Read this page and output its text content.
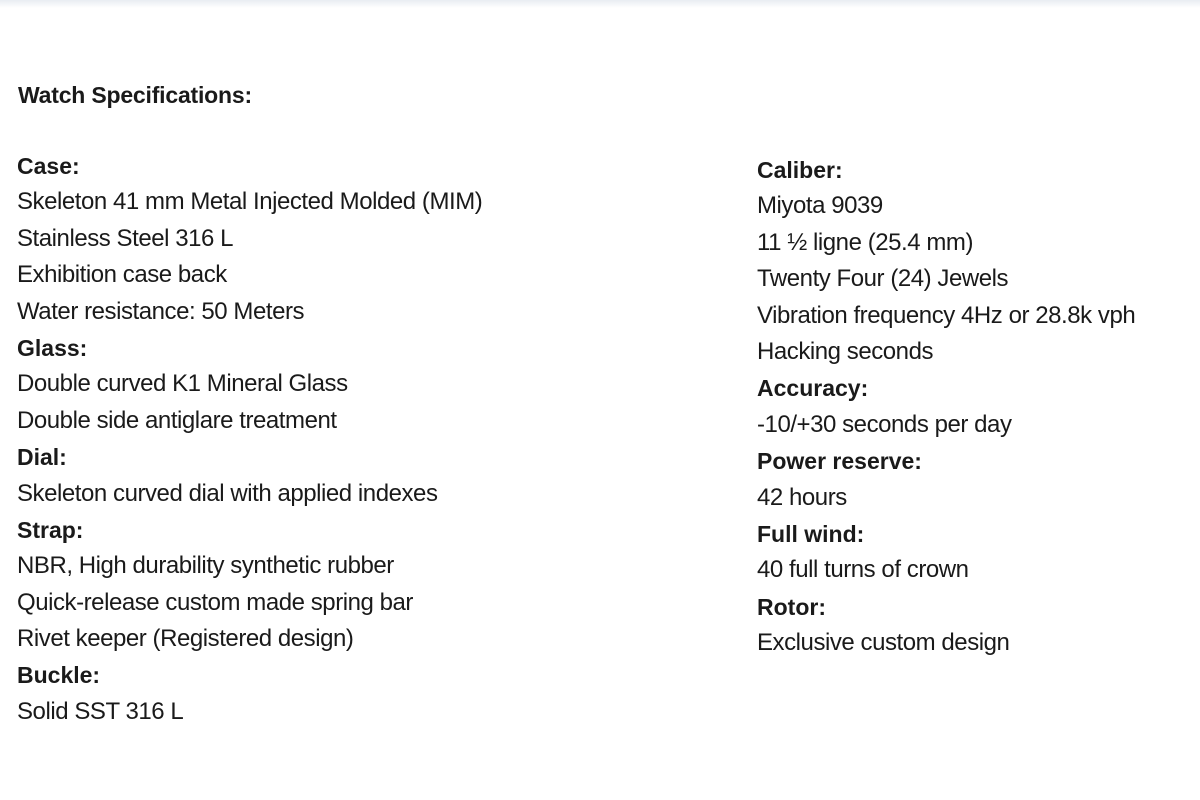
Watch Specifications:
Case:
Skeleton 41 mm Metal Injected Molded (MIM)
Stainless Steel 316 L
Exhibition case back
Water resistance: 50 Meters
Glass:
Double curved K1 Mineral Glass
Double side antiglare treatment
Dial:
Skeleton curved dial with applied indexes
Strap:
NBR, High durability synthetic rubber
Quick-release custom made spring bar
Rivet keeper (Registered design)
Buckle:
Solid SST 316 L
Caliber:
Miyota 9039
11 ½ ligne (25.4 mm)
Twenty Four (24) Jewels
Vibration frequency 4Hz or 28.8k vph
Hacking seconds
Accuracy:
-10/+30 seconds per day
Power reserve:
42 hours
Full wind:
40 full turns of crown
Rotor:
Exclusive custom design
